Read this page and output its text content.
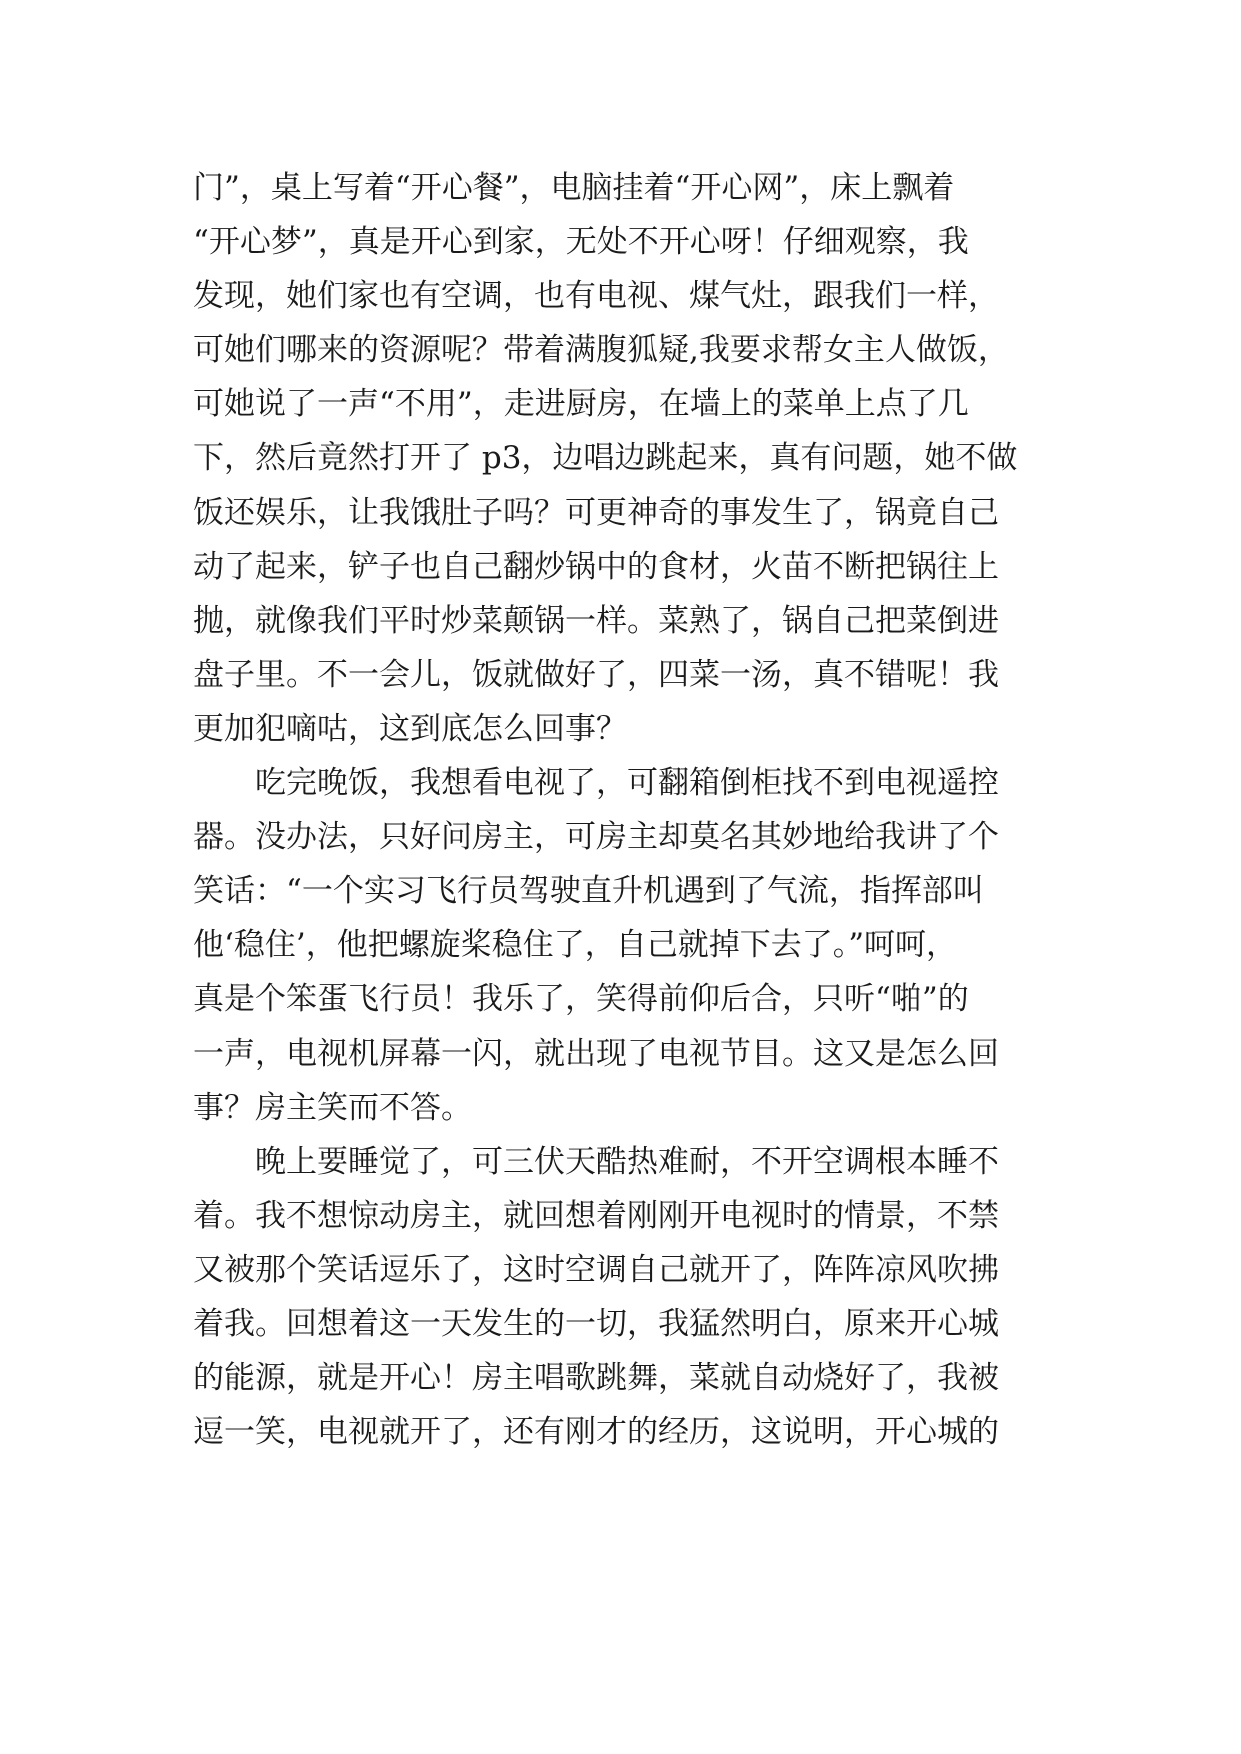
门”，桌上写着“开心餐”，电脑挂着“开心网”，床上飘着
“开心梦”，真是开心到家，无处不开心呀！仔细观察，我
发现，她们家也有空调，也有电视、煤气灶，跟我们一样，
可她们哪来的资源呢？带着满腹狐疑,我要求帮女主人做饭，
可她说了一声“不用”，走进厨房，在墙上的菜单上点了几
下，然后竟然打开了 p3，边唱边跳起来，真有问题，她不做
饭还娱乐，让我饿肚子吗？可更神奇的事发生了，锅竟自己
动了起来，铲子也自己翻炒锅中的食材，火苗不断把锅往上
抛，就像我们平时炒菜颠锅一样。菜熟了，锅自己把菜倒进
盘子里。不一会儿，饭就做好了，四菜一汤，真不错呢！我
更加犯嘀咕，这到底怎么回事？
吃完晚饭，我想看电视了，可翻箱倒柜找不到电视遥控
器。没办法，只好问房主，可房主却莫名其妙地给我讲了个
笑话：“一个实习飞行员驾驶直升机遇到了气流，指挥部叫
他‘稳住’，他把螺旋桨稳住了，自己就掉下去了。”呵呵，
真是个笨蛋飞行员！我乐了，笑得前仰后合，只听“啪”的
一声，电视机屏幕一闪，就出现了电视节目。这又是怎么回
事？房主笑而不答。
晚上要睡觉了，可三伏天酷热难耐，不开空调根本睡不
着。我不想惊动房主，就回想着刚刚开电视时的情景，不禁
又被那个笑话逗乐了，这时空调自己就开了，阵阵凉风吹拂
着我。回想着这一天发生的一切，我猛然明白，原来开心城
的能源，就是开心！房主唱歌跳舞，菜就自动烧好了，我被
逗一笑，电视就开了，还有刚才的经历，这说明，开心城的
